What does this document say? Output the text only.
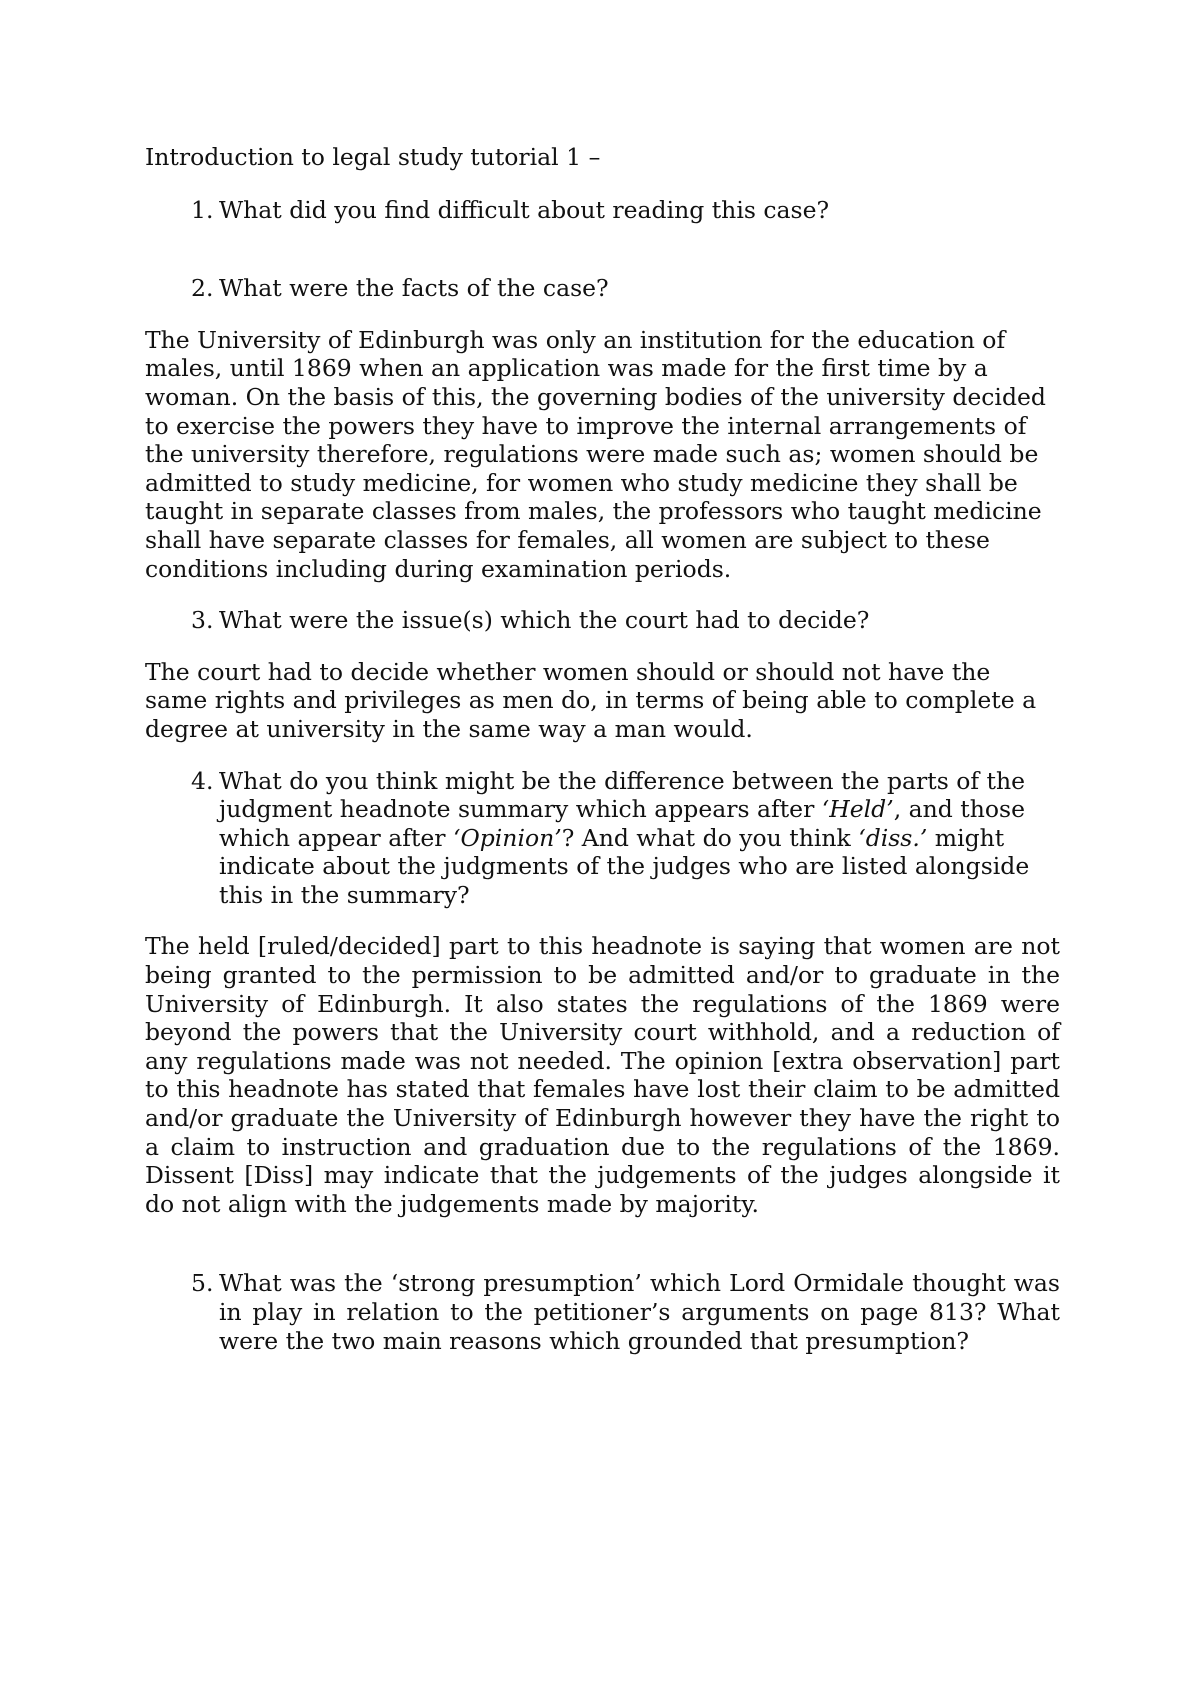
Introduction to legal study tutorial 1 –

1. What did you find difficult about reading this case?
2. What were the facts of the case?

The University of Edinburgh was only an institution for the education of males, until 1869 when an application was made for the first time by a woman. On the basis of this, the governing bodies of the university decided to exercise the powers they have to improve the internal arrangements of the university therefore, regulations were made such as; women should be admitted to study medicine, for women who study medicine they shall be taught in separate classes from males, the professors who taught medicine shall have separate classes for females, all women are subject to these conditions including during examination periods.

3. What were the issue(s) which the court had to decide?

The court had to decide whether women should or should not have the same rights and privileges as men do, in terms of being able to complete a degree at university in the same way a man would.

4. What do you think might be the difference between the parts of the judgment headnote summary which appears after ‘Held’, and those which appear after ‘Opinion’? And what do you think ‘diss.’ might indicate about the judgments of the judges who are listed alongside this in the summary?

The held [ruled/decided] part to this headnote is saying that women are not being granted to the permission to be admitted and/or to graduate in the University of Edinburgh. It also states the regulations of the 1869 were beyond the powers that the University court withhold, and a reduction of any regulations made was not needed. The opinion [extra observation] part to this headnote has stated that females have lost their claim to be admitted and/or graduate the University of Edinburgh however they have the right to a claim to instruction and graduation due to the regulations of the 1869. Dissent [Diss] may indicate that the judgements of the judges alongside it do not align with the judgements made by majority.

5. What was the ‘strong presumption’ which Lord Ormidale thought was in play in relation to the petitioner’s arguments on page 813? What were the two main reasons which grounded that presumption?
